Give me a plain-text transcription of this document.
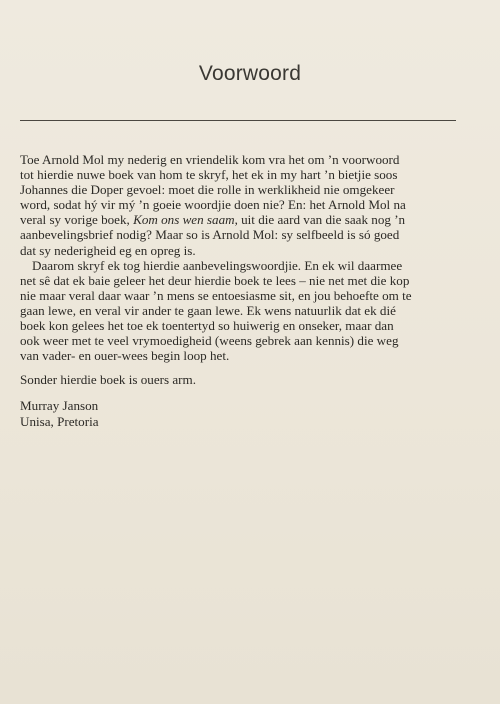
Voorwoord

Toe Arnold Mol my nederig en vriendelik kom vra het om ’n voorwoord
tot hierdie nuwe boek van hom te skryf, het ek in my hart ’n bietjie soos
Johannes die Doper gevoel: moet die rolle in werklikheid nie omgekeer
word, sodat hý vir mý ’n goeie woordjie doen nie? En: het Arnold Mol na
veral sy vorige boek, Kom ons wen saam, uit die aard van die saak nog ’n
aanbevelingsbrief nodig? Maar so is Arnold Mol: sy selfbeeld is só goed
dat sy nederigheid eg en opreg is.

Daarom skryf ek tog hierdie aanbevelingswoordjie. En ek wil daarmee
net sê dat ek baie geleer het deur hierdie boek te lees – nie net met die kop
nie maar veral daar waar ’n mens se entoesiasme sit, en jou behoefte om te
gaan lewe, en veral vir ander te gaan lewe. Ek wens natuurlik dat ek dié
boek kon gelees het toe ek toentertyd so huiwerig en onseker, maar dan
ook weer met te veel vrymoedigheid (weens gebrek aan kennis) die weg
van vader- en ouer-wees begin loop het.

Sonder hierdie boek is ouers arm.

Murray Janson
Unisa, Pretoria
